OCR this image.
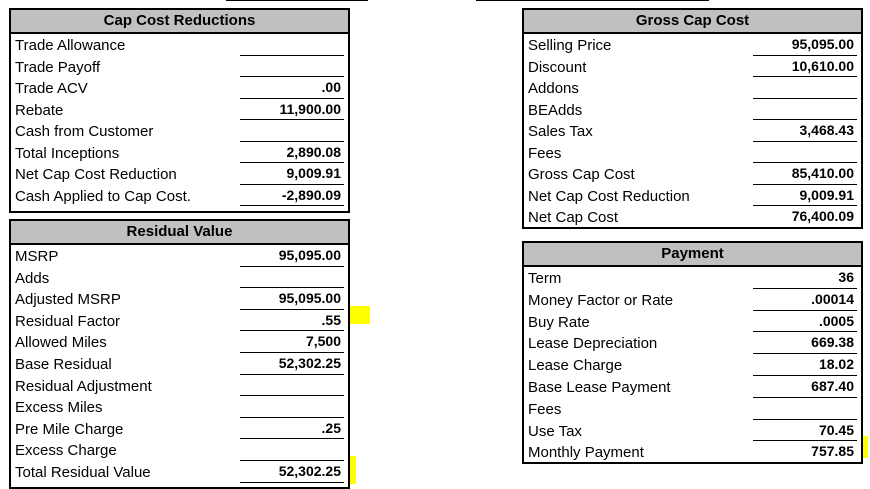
Cap Cost Reductions
Trade Allowance
Trade Payoff
Trade ACV	.00
Rebate	11,900.00
Cash from Customer
Total Inceptions	2,890.08
Net Cap Cost Reduction	9,009.91
Cash Applied to Cap Cost.	-2,890.09
Residual Value
MSRP	95,095.00
Adds
Adjusted MSRP	95,095.00
Residual Factor	.55
Allowed Miles	7,500
Base Residual	52,302.25
Residual Adjustment
Excess Miles
Pre Mile Charge	.25
Excess Charge
Total Residual Value	52,302.25
Gross Cap Cost
Selling Price	95,095.00
Discount	10,610.00
Addons
BEAdds
Sales Tax	3,468.43
Fees
Gross Cap Cost	85,410.00
Net Cap Cost Reduction	9,009.91
Net Cap Cost	76,400.09
Payment
Term	36
Money Factor or Rate	.00014
Buy Rate	.0005
Lease Depreciation	669.38
Lease Charge	18.02
Base Lease Payment	687.40
Fees
Use Tax	70.45
Monthly Payment	757.85
